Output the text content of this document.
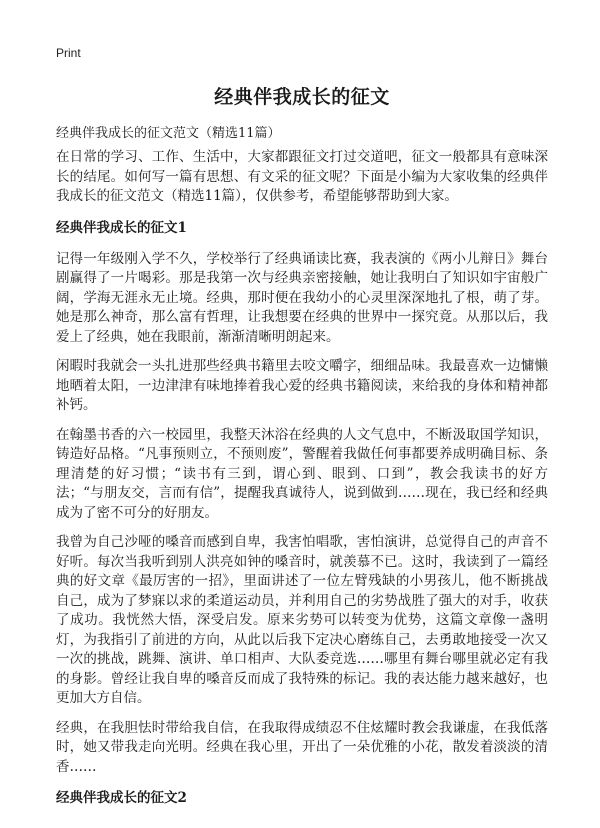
Print
经典伴我成长的征文

经典伴我成长的征文范文（精选11篇）

在日常的学习、工作、生活中，大家都跟征文打过交道吧，征文一般都具有意味深长的结尾。如何写一篇有思想、有文采的征文呢？下面是小编为大家收集的经典伴我成长的征文范文（精选11篇），仅供参考，希望能够帮助到大家。

经典伴我成长的征文1

记得一年级刚入学不久，学校举行了经典诵读比赛，我表演的《两小儿辩日》舞台剧赢得了一片喝彩。那是我第一次与经典亲密接触，她让我明白了知识如宇宙般广阔，学海无涯永无止境。经典，那时便在我幼小的心灵里深深地扎了根，萌了芽。她是那么神奇，那么富有哲理，让我想要在经典的世界中一探究竟。从那以后，我爱上了经典，她在我眼前，渐渐清晰明朗起来。

闲暇时我就会一头扎进那些经典书籍里去咬文嚼字，细细品味。我最喜欢一边慵懒地晒着太阳，一边津津有味地捧着我心爱的经典书籍阅读，来给我的身体和精神都补钙。

在翰墨书香的六一校园里，我整天沐浴在经典的人文气息中，不断汲取国学知识，铸造好品格。“凡事预则立，不预则废”，警醒着我做任何事都要养成明确目标、条理清楚的好习惯；“读书有三到，谓心到、眼到、口到”，教会我读书的好方法；“与朋友交，言而有信”，提醒我真诚待人，说到做到……现在，我已经和经典成为了密不可分的好朋友。

我曾为自己沙哑的嗓音而感到自卑，我害怕唱歌，害怕演讲，总觉得自己的声音不好听。每次当我听到别人洪亮如钟的嗓音时，就羡慕不已。这时，我读到了一篇经典的好文章《最厉害的一招》，里面讲述了一位左臂残缺的小男孩儿，他不断挑战自己，成为了梦寐以求的柔道运动员，并利用自己的劣势战胜了强大的对手，收获了成功。我恍然大悟，深受启发。原来劣势可以转变为优势，这篇文章像一盏明灯，为我指引了前进的方向，从此以后我下定决心磨练自己，去勇敢地接受一次又一次的挑战，跳舞、演讲、单口相声、大队委竞选……哪里有舞台哪里就必定有我的身影。曾经让我自卑的嗓音反而成了我特殊的标记。我的表达能力越来越好，也更加大方自信。

经典，在我胆怯时带给我自信，在我取得成绩忍不住炫耀时教会我谦虚，在我低落时，她又带我走向光明。经典在我心里，开出了一朵优雅的小花，散发着淡淡的清香……

经典伴我成长的征文2
